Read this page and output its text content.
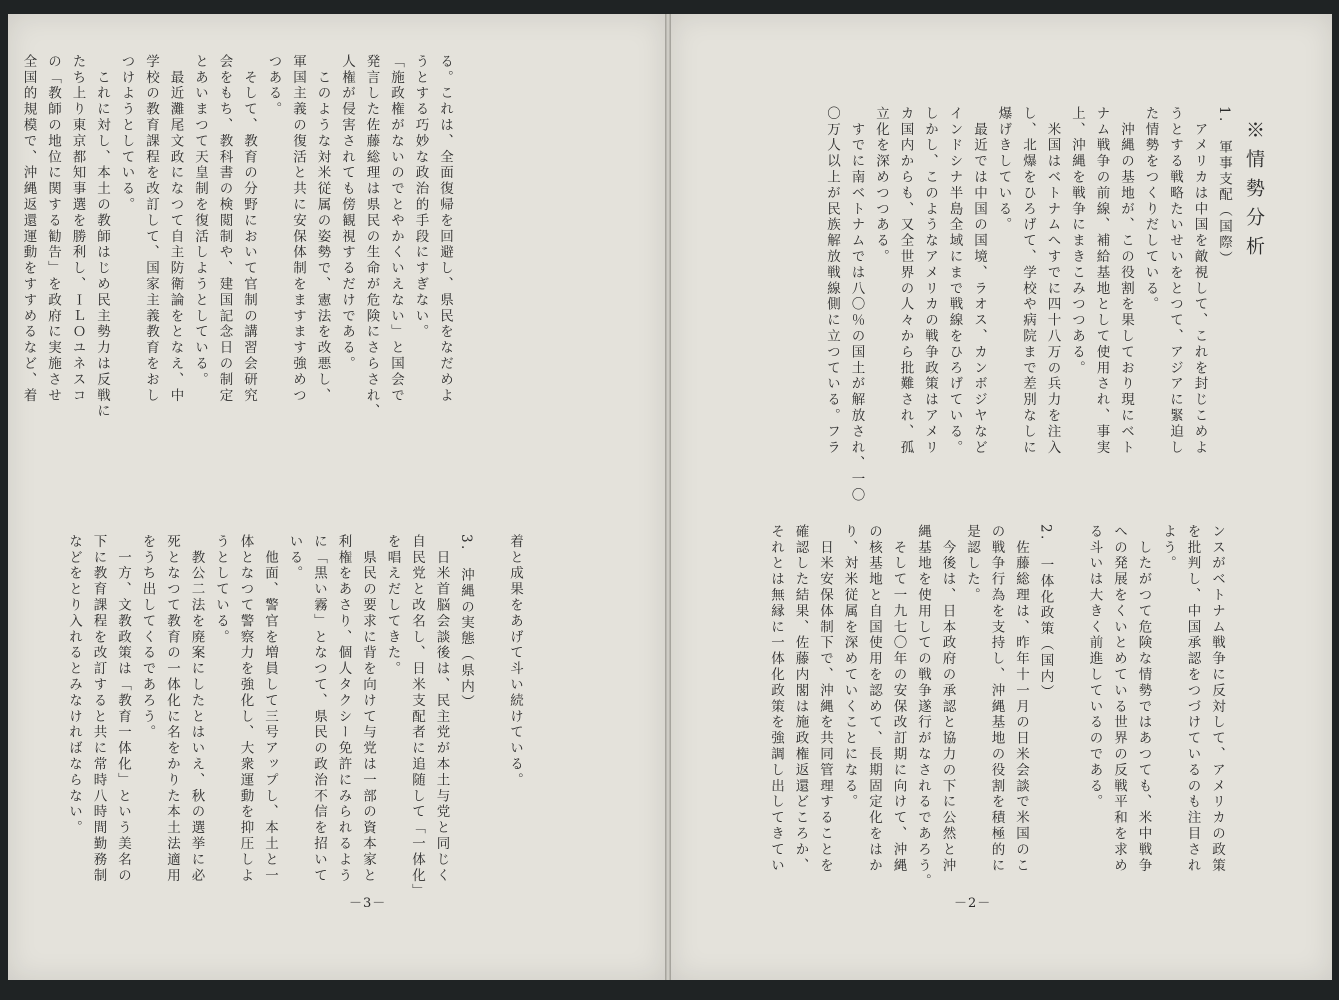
る。これは、全面復帰を回避し、県民をなだめよ
うとする巧妙な政治的手段にすぎない。
「施政権がないのでとやかくいえない」と国会で
発言した佐藤総理は県民の生命が危険にさらされ、
人権が侵害されても傍観視するだけである。
　このような対米従属の姿勢で、憲法を改悪し、
軍国主義の復活と共に安保体制をますます強めつ
つある。
　そして、教育の分野において官制の講習会研究
会をもち、教科書の検閲制や、建国記念日の制定
とあいまつて天皇制を復活しようとしている。
　最近灘尾文政になつて自主防衛論をとなえ、中
学校の教育課程を改訂して、国家主義教育をおし
つけようとしている。
　これに対し、本土の教師はじめ民主勢力は反戦に
たち上り東京都知事選を勝利し、ＩＬＯユネスコ
の「教師の地位に関する勧告」を政府に実施させ
全国的規模で、沖縄返還運動をすすめるなど、着

着と成果をあげて斗い続けている。

3.　沖縄の実態（県内）
　日米首脳会談後は、民主党が本土与党と同じく
自民党と改名し、日米支配者に追随して「一体化」
を唱えだしてきた。
　県民の要求に背を向けて与党は一部の資本家と
利権をあさり、個人タクシー免許にみられるよう
に「黒い霧」となつて、県民の政治不信を招いて
いる。
　他面、警官を増員して三号アップし、本土と一
体となつて警察力を強化し、大衆運動を抑圧しよ
うとしている。
　教公二法を廃案にしたとはいえ、秋の選挙に必
死となつて教育の一体化に名をかりた本土法適用
をうち出してくるであろう。
　一方、文教政策は「教育一体化」という美名の
下に教育課程を改訂すると共に常時八時間勤務制
などをとり入れるとみなければならない。

－3－
※情勢分析

1.　軍事支配（国際）
　アメリカは中国を敵視して、これを封じこめよ
うとする戦略たいせいをとつて、アジアに緊迫し
た情勢をつくりだしている。
　沖縄の基地が、この役割を果しており現にベト
ナム戦争の前線、補給基地として使用され、事実
上、沖縄を戦争にまきこみつつある。
　米国はベトナムへすでに四十八万の兵力を注入
し、北爆をひろげて、学校や病院まで差別なしに
爆げきしている。
　最近では中国の国境、ラオス、カンボジヤなど
インドシナ半島全域にまで戦線をひろげている。
しかし、このようなアメリカの戦争政策はアメリ
カ国内からも、又全世界の人々から批難され、孤
立化を深めつつある。
　すでに南ベトナムでは八〇％の国土が解放され、一〇
〇万人以上が民族解放戦線側に立つている。フラ

ンスがベトナム戦争に反対して、アメリカの政策
を批判し、中国承認をつづけているのも注目され
よう。
　したがつて危険な情勢ではあつても、米中戦争
への発展をくいとめている世界の反戦平和を求め
る斗いは大きく前進しているのである。

2.　一体化政策（国内）
　佐藤総理は、昨年十一月の日米会談で米国のこ
の戦争行為を支持し、沖縄基地の役割を積極的に
是認した。
　今後は、日本政府の承認と協力の下に公然と沖
縄基地を使用しての戦争遂行がなされるであろう。
　そして一九七〇年の安保改訂期に向けて、沖縄
の核基地と自国使用を認めて、長期固定化をはか
り、対米従属を深めていくことになる。
　日米安保体制下で、沖縄を共同管理することを
確認した結果、佐藤内閣は施政権返還どころか、
それとは無縁に一体化政策を強調し出してきてい

－2－
